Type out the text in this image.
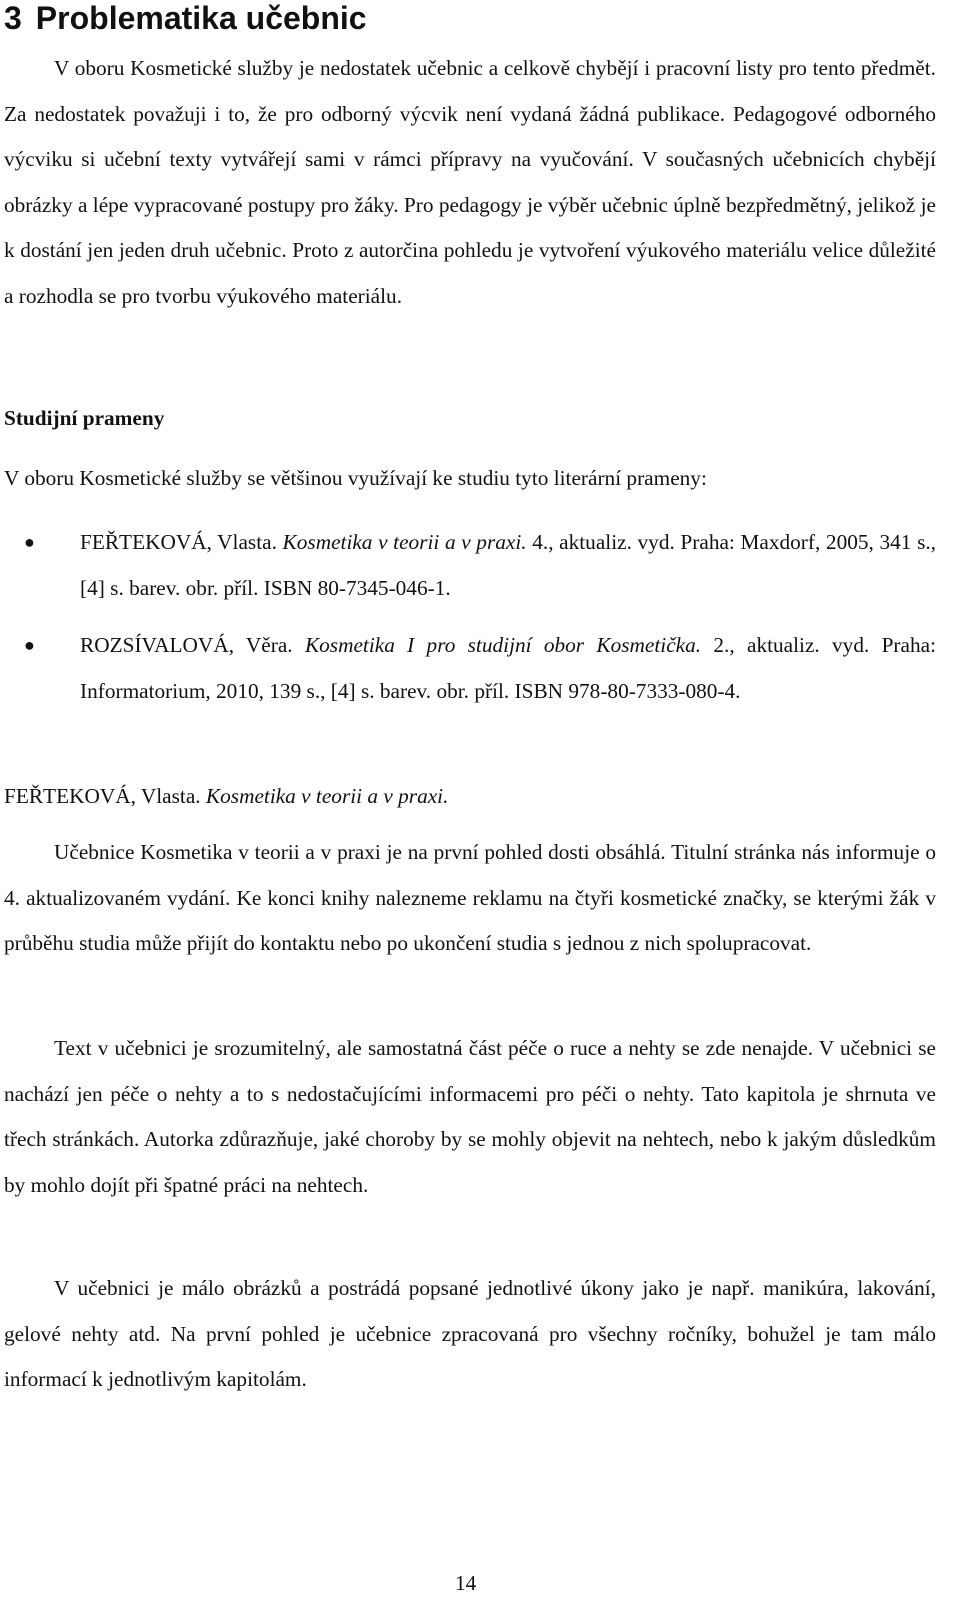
3 Problematika učebnic

V oboru Kosmetické služby je nedostatek učebnic a celkově chybějí i pracovní listy pro tento předmět. Za nedostatek považuji i to, že pro odborný výcvik není vydaná žádná publikace. Pedagogové odborného výcviku si učební texty vytvářejí sami v rámci přípravy na vyučování. V současných učebnicích chybějí obrázky a lépe vypracované postupy pro žáky. Pro pedagogy je výběr učebnic úplně bezpředmětný, jelikož je k dostání jen jeden druh učebnic. Proto z autorčina pohledu je vytvoření výukového materiálu velice důležité a rozhodla se pro tvorbu výukového materiálu.

Studijní prameny

V oboru Kosmetické služby se většinou využívají ke studiu tyto literární prameny:

● FEŘTEKOVÁ, Vlasta. Kosmetika v teorii a v praxi. 4., aktualiz. vyd. Praha: Maxdorf, 2005, 341 s., [4] s. barev. obr. příl. ISBN 80-7345-046-1.
● ROZSÍVALOVÁ, Věra. Kosmetika I pro studijní obor Kosmetička. 2., aktualiz. vyd. Praha: Informatorium, 2010, 139 s., [4] s. barev. obr. příl. ISBN 978-80-7333-080-4.

FEŘTEKOVÁ, Vlasta. Kosmetika v teorii a v praxi.

Učebnice Kosmetika v teorii a v praxi je na první pohled dosti obsáhlá. Titulní stránka nás informuje o 4. aktualizovaném vydání. Ke konci knihy nalezneme reklamu na čtyři kosmetické značky, se kterými žák v průběhu studia může přijít do kontaktu nebo po ukončení studia s jednou z nich spolupracovat.

Text v učebnici je srozumitelný, ale samostatná část péče o ruce a nehty se zde nenajde. V učebnici se nachází jen péče o nehty a to s nedostačujícími informacemi pro péči o nehty. Tato kapitola je shrnuta ve třech stránkách. Autorka zdůrazňuje, jaké choroby by se mohly objevit na nehtech, nebo k jakým důsledkům by mohlo dojít při špatné práci na nehtech.

V učebnici je málo obrázků a postrádá popsané jednotlivé úkony jako je např. manikúra, lakování, gelové nehty atd. Na první pohled je učebnice zpracovaná pro všechny ročníky, bohužel je tam málo informací k jednotlivým kapitolám.

14
